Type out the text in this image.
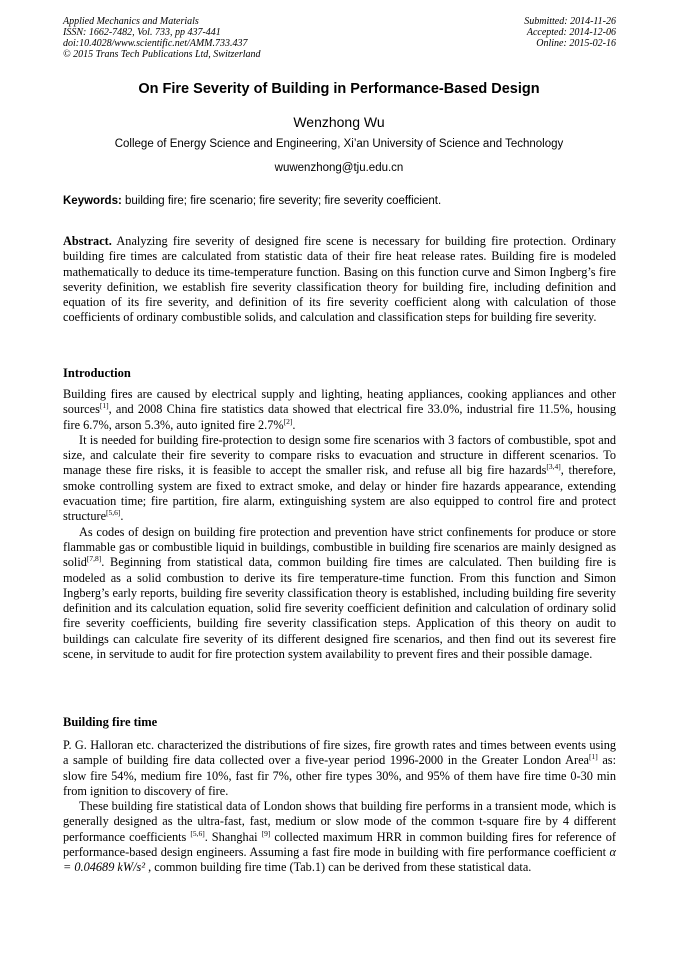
Applied Mechanics and Materials
ISSN: 1662-7482, Vol. 733, pp 437-441
doi:10.4028/www.scientific.net/AMM.733.437
© 2015 Trans Tech Publications Ltd, Switzerland
Submitted: 2014-11-26
Accepted: 2014-12-06
Online: 2015-02-16
On Fire Severity of Building in Performance-Based Design
Wenzhong Wu
College of Energy Science and Engineering, Xi’an University of Science and Technology
wuwenzhong@tju.edu.cn
Keywords: building fire; fire scenario; fire severity; fire severity coefficient.

Abstract. Analyzing fire severity of designed fire scene is necessary for building fire protection. Ordinary building fire times are calculated from statistic data of their fire heat release rates. Building fire is modeled mathematically to deduce its time-temperature function. Basing on this function curve and Simon Ingberg’s fire severity definition, we establish fire severity classification theory for building fire, including definition and equation of its fire severity, and definition of its fire severity coefficient along with calculation of those coefficients of ordinary combustible solids, and calculation and classification steps for building fire severity.

Introduction

Building fires are caused by electrical supply and lighting, heating appliances, cooking appliances and other sources[1], and 2008 China fire statistics data showed that electrical fire 33.0%, industrial fire 11.5%, housing fire 6.7%, arson 5.3%, auto ignited fire 2.7%[2].

It is needed for building fire-protection to design some fire scenarios with 3 factors of combustible, spot and size, and calculate their fire severity to compare risks to evacuation and structure in different scenarios. To manage these fire risks, it is feasible to accept the smaller risk, and refuse all big fire hazards[3,4], therefore, smoke controlling system are fixed to extract smoke, and delay or hinder fire hazards appearance, extending evacuation time; fire partition, fire alarm, extinguishing system are also equipped to control fire and protect structure[5,6].

As codes of design on building fire protection and prevention have strict confinements for produce or store flammable gas or combustible liquid in buildings, combustible in building fire scenarios are mainly designed as solid[7,8]. Beginning from statistical data, common building fire times are calculated. Then building fire is modeled as a solid combustion to derive its fire temperature-time function. From this function and Simon Ingberg’s early reports, building fire severity classification theory is established, including building fire severity definition and its calculation equation, solid fire severity coefficient definition and calculation of ordinary solid fire severity coefficients, building fire severity classification steps. Application of this theory on audit to buildings can calculate fire severity of its different designed fire scenarios, and then find out its severest fire scene, in servitude to audit for fire protection system availability to prevent fires and their possible damage.

Building fire time

P. G. Halloran etc. characterized the distributions of fire sizes, fire growth rates and times between events using a sample of building fire data collected over a five-year period 1996-2000 in the Greater London Area[1] as: slow fire 54%, medium fire 10%, fast fir 7%, other fire types 30%, and 95% of them have fire time 0-30 min from ignition to discovery of fire.

These building fire statistical data of London shows that building fire performs in a transient mode, which is generally designed as the ultra-fast, fast, medium or slow mode of the common t-square fire by 4 different performance coefficients [5,6]. Shanghai [9] collected maximum HRR in common building fires for reference of performance-based design engineers. Assuming a fast fire mode in building with fire performance coefficient α = 0.04689 kW/s² , common building fire time (Tab.1) can be derived from these statistical data.
